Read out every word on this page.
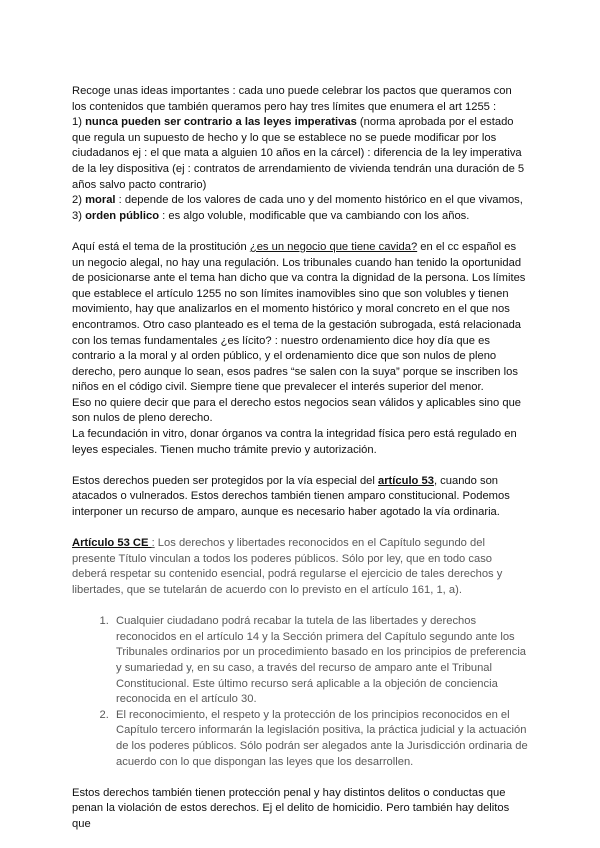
Recoge unas ideas importantes : cada uno puede celebrar los pactos que queramos con los contenidos que también queramos pero hay tres límites que enumera el art 1255 :
1) nunca pueden ser contrario a las leyes imperativas (norma aprobada por el estado que regula un supuesto de hecho y lo que se establece no se puede modificar por los ciudadanos ej : el que mata a alguien 10 años en la cárcel) : diferencia de la ley imperativa de la ley dispositiva (ej : contratos de arrendamiento de vivienda tendrán una duración de 5 años salvo pacto contrario)
2) moral : depende de los valores de cada uno y del momento histórico en el que vivamos,
3) orden público : es algo voluble, modificable que va cambiando con los años.

Aquí está el tema de la prostitución ¿es un negocio que tiene cavida? en el cc español es un negocio alegal, no hay una regulación. Los tribunales cuando han tenido la oportunidad de posicionarse ante el tema han dicho que va contra la dignidad de la persona. Los límites que establece el artículo 1255 no son límites inamovibles sino que son volubles y tienen movimiento, hay que analizarlos en el momento histórico y moral concreto en el que nos encontramos. Otro caso planteado es el tema de la gestación subrogada, está relacionada con los temas fundamentales ¿es lícito? : nuestro ordenamiento dice hoy día que es contrario a la moral y al orden público, y el ordenamiento dice que son nulos de pleno derecho, pero aunque lo sean, esos padres “se salen con la suya” porque se inscriben los niños en el código civil. Siempre tiene que prevalecer el interés superior del menor.
Eso no quiere decir que para el derecho estos negocios sean válidos y aplicables sino que son nulos de pleno derecho.
La fecundación in vitro, donar órganos va contra la integridad física pero está regulado en leyes especiales. Tienen mucho trámite previo y autorización.

Estos derechos pueden ser protegidos por la vía especial del artículo 53, cuando son atacados o vulnerados. Estos derechos también tienen amparo constitucional. Podemos interponer un recurso de amparo, aunque es necesario haber agotado la vía ordinaria.

Artículo 53 CE : Los derechos y libertades reconocidos en el Capítulo segundo del presente Título vinculan a todos los poderes públicos. Sólo por ley, que en todo caso deberá respetar su contenido esencial, podrá regularse el ejercicio de tales derechos y libertades, que se tutelarán de acuerdo con lo previsto en el artículo 161, 1, a).

1. Cualquier ciudadano podrá recabar la tutela de las libertades y derechos reconocidos en el artículo 14 y la Sección primera del Capítulo segundo ante los Tribunales ordinarios por un procedimiento basado en los principios de preferencia y sumariedad y, en su caso, a través del recurso de amparo ante el Tribunal Constitucional. Este último recurso será aplicable a la objeción de conciencia reconocida en el artículo 30.
2. El reconocimiento, el respeto y la protección de los principios reconocidos en el Capítulo tercero informarán la legislación positiva, la práctica judicial y la actuación de los poderes públicos. Sólo podrán ser alegados ante la Jurisdicción ordinaria de acuerdo con lo que dispongan las leyes que los desarrollen.

Estos derechos también tienen protección penal y hay distintos delitos o conductas que penan la violación de estos derechos. Ej el delito de homicidio. Pero también hay delitos que
